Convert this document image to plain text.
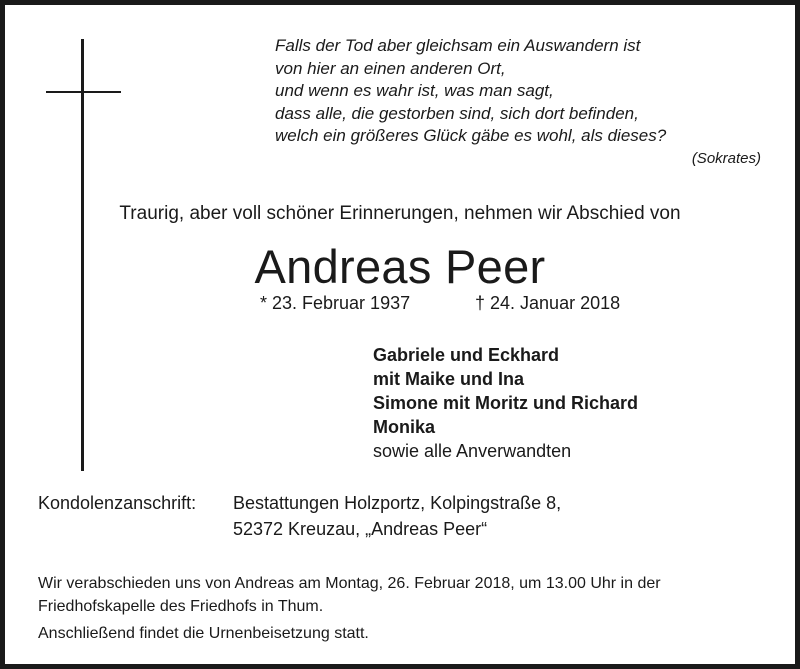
Falls der Tod aber gleichsam ein Auswandern ist
von hier an einen anderen Ort,
und wenn es wahr ist, was man sagt,
dass alle, die gestorben sind, sich dort befinden,
welch ein größeres Glück gäbe es wohl, als dieses?
(Sokrates)
Traurig, aber voll schöner Erinnerungen, nehmen wir Abschied von
Andreas Peer
* 23. Februar 1937	† 24. Januar 2018
Gabriele und Eckhard
mit Maike und Ina
Simone mit Moritz und Richard
Monika
sowie alle Anverwandten
Kondolenzanschrift: Bestattungen Holzportz, Kolpingstraße 8,
52372 Kreuzau, „Andreas Peer“
Wir verabschieden uns von Andreas am Montag, 26. Februar 2018, um 13.00 Uhr in der
Friedhofskapelle des Friedhofs in Thum.
Anschließend findet die Urnenbeisetzung statt.
